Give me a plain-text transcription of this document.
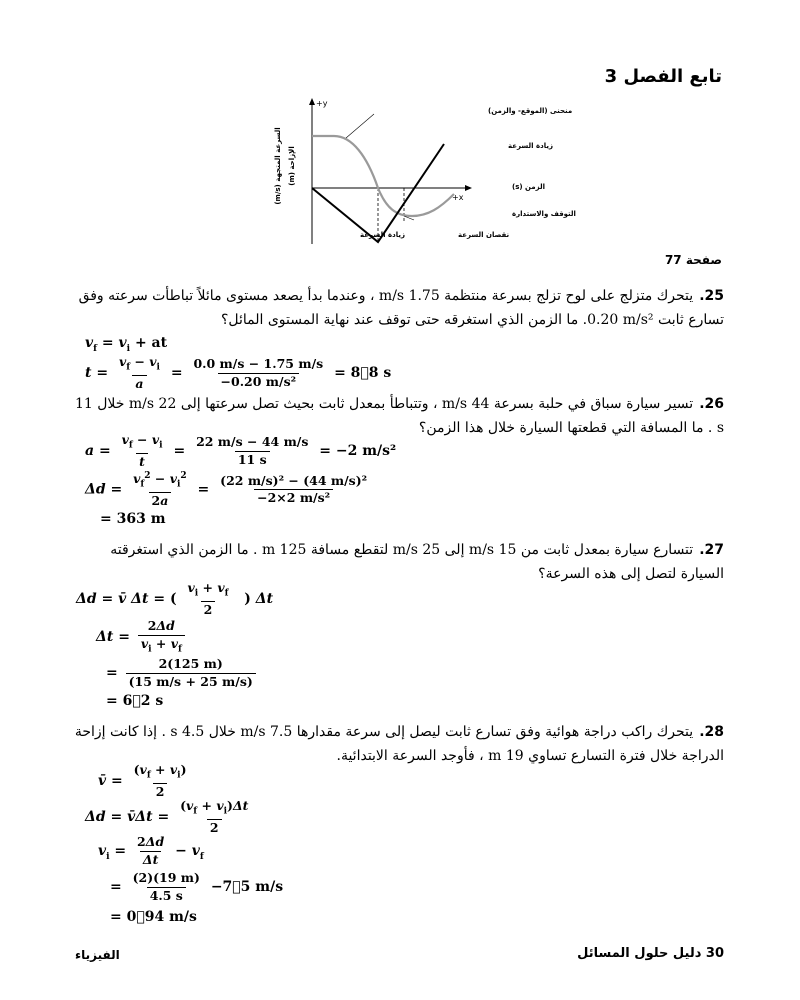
تابع الفصل 3
+y
+x
منحنى (الموقع- والزمن)
زيادة السرعة
الزمن (s)
التوقف والاستدارة
نقصان السرعة
زيادة السرعة
السرعة المتجهة (m/s) الإزاحة (m)
صفحة 77
25.يتحرك متزلج على لوح تزلج بسرعة منتظمة 1.75 m/s ، وعندما بدأ يصعد مستوى مائلاً تباطأت سرعته وفق تسارع ثابت ‎0.20 m/s²‎. ما الزمن الذي استغرقه حتى توقف عند نهاية المستوى المائل؟
$v_f = v_i$ + at
$t = \frac{v_f - v_i}{a} = \frac{0.0 m/s - 1.75 m/s}{\text{−0.20 m/s²}}$ = 8⃞8 s
26.تسير سيارة سباق في حلبة بسرعة 44 m/s ، وتتباطأ بمعدل ثابت بحيث تصل سرعتها إلى 22 m/s خلال 11 s . ما المسافة التي قطعتها السيارة خلال هذا الزمن؟
$a = \frac{v_f - v_i}{t} = \frac{22 m/s - 44 m/s}{11 s} = -2$ m/s²
$\Delta d = \frac{v_f^2 - v_i^2}{2a} = \frac{\text{(22 m/s)² − (44 m/s)²}}{\text{−2×2 m/s²}}$
= 363 m
27.تتسارع سيارة بمعدل ثابت من 15 m/s إلى 25 m/s لتقطع مسافة 125 m . ما الزمن الذي استغرقته السيارة لتصل إلى هذه السرعة؟
Δd = v̄ Δt = ( $\frac{v_i + v_f}{2}$ ) Δt
$\Delta t = \frac{2\Delta d}{v_i + v_f}$
= $\frac{2(125 m)}{(15 m/s + 25 m/s)}$
= 6⃞2 s
28.يتحرك راكب دراجة هوائية وفق تسارع ثابت ليصل إلى سرعة مقدارها 7.5 m/s خلال 4.5 s . إذا كانت إزاحة الدراجة خلال فترة التسارع تساوي 19 m ، فأوجد السرعة الابتدائية.
v̄ = $\frac{(v_f + v_i)}{2}$
Δd = v̄Δt = $\frac{(v_f + v_i)\Delta t}{2}$
$v_i = \frac{2\Delta d}{\Delta t} - v_f$
= $\frac{(2)(19 m)}{4.5 s}$ −7⃞5 m/s
= 0⃞94 m/s
30 دليل حلول المسائل
الفيزياء
